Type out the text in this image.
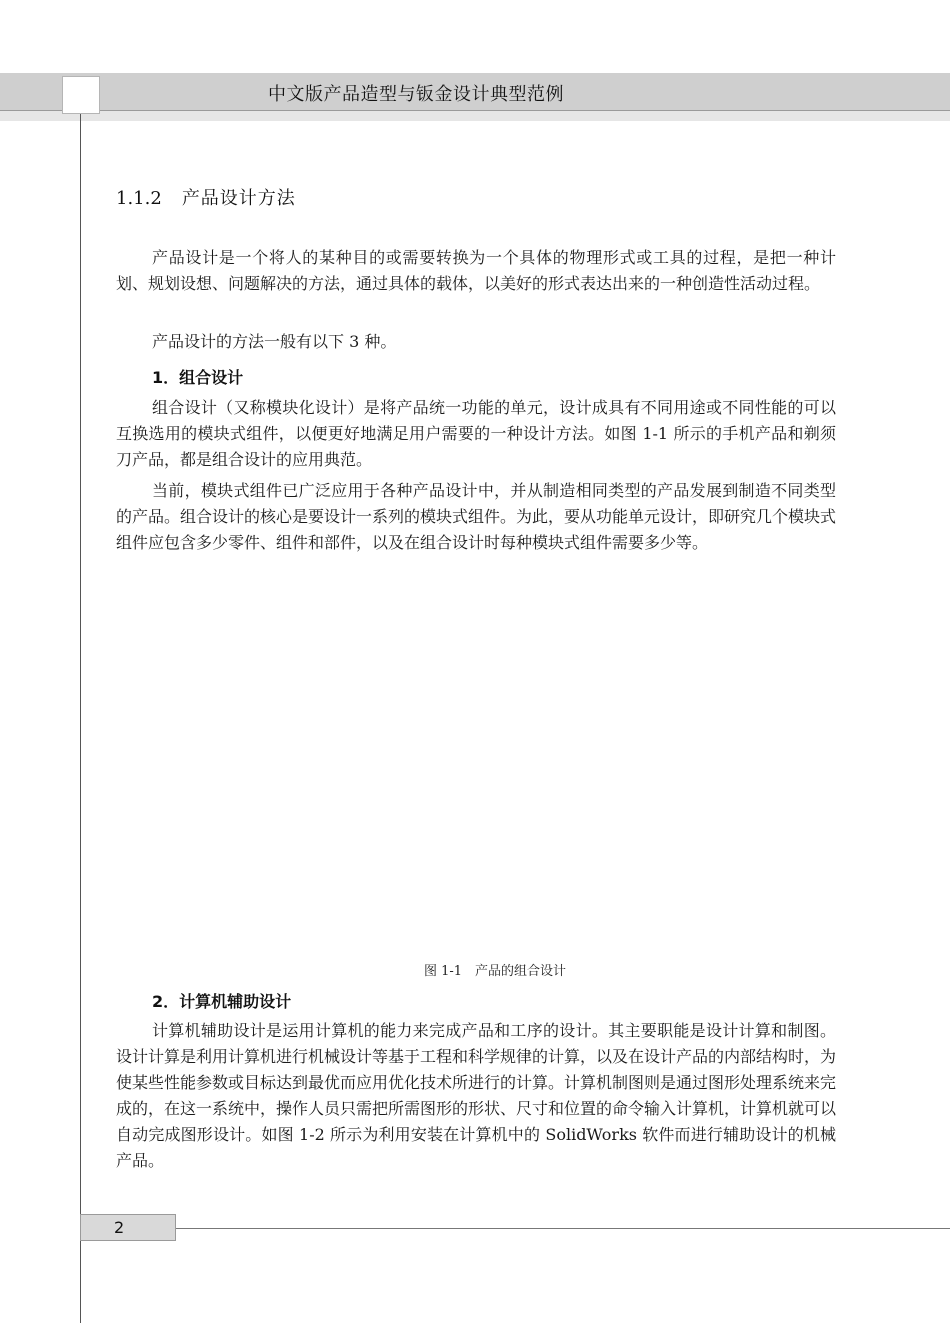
中文版产品造型与钣金设计典型范例
1.1.2 产品设计方法

产品设计是一个将人的某种目的或需要转换为一个具体的物理形式或工具的过程，是把一种计划、规划设想、问题解决的方法，通过具体的载体，以美好的形式表达出来的一种创造性活动过程。

产品设计的方法一般有以下 3 种。

1．组合设计

组合设计（又称模块化设计）是将产品统一功能的单元，设计成具有不同用途或不同性能的可以互换选用的模块式组件，以便更好地满足用户需要的一种设计方法。如图 1-1 所示的手机产品和剃须刀产品，都是组合设计的应用典范。

当前，模块式组件已广泛应用于各种产品设计中，并从制造相同类型的产品发展到制造不同类型的产品。组合设计的核心是要设计一系列的模块式组件。为此，要从功能单元设计，即研究几个模块式组件应包含多少零件、组件和部件，以及在组合设计时每种模块式组件需要多少等。

图 1-1　产品的组合设计
2．计算机辅助设计

计算机辅助设计是运用计算机的能力来完成产品和工序的设计。其主要职能是设计计算和制图。设计计算是利用计算机进行机械设计等基于工程和科学规律的计算，以及在设计产品的内部结构时，为使某些性能参数或目标达到最优而应用优化技术所进行的计算。计算机制图则是通过图形处理系统来完成的，在这一系统中，操作人员只需把所需图形的形状、尺寸和位置的命令输入计算机，计算机就可以自动完成图形设计。如图 1-2 所示为利用安装在计算机中的 SolidWorks 软件而进行辅助设计的机械产品。

2
